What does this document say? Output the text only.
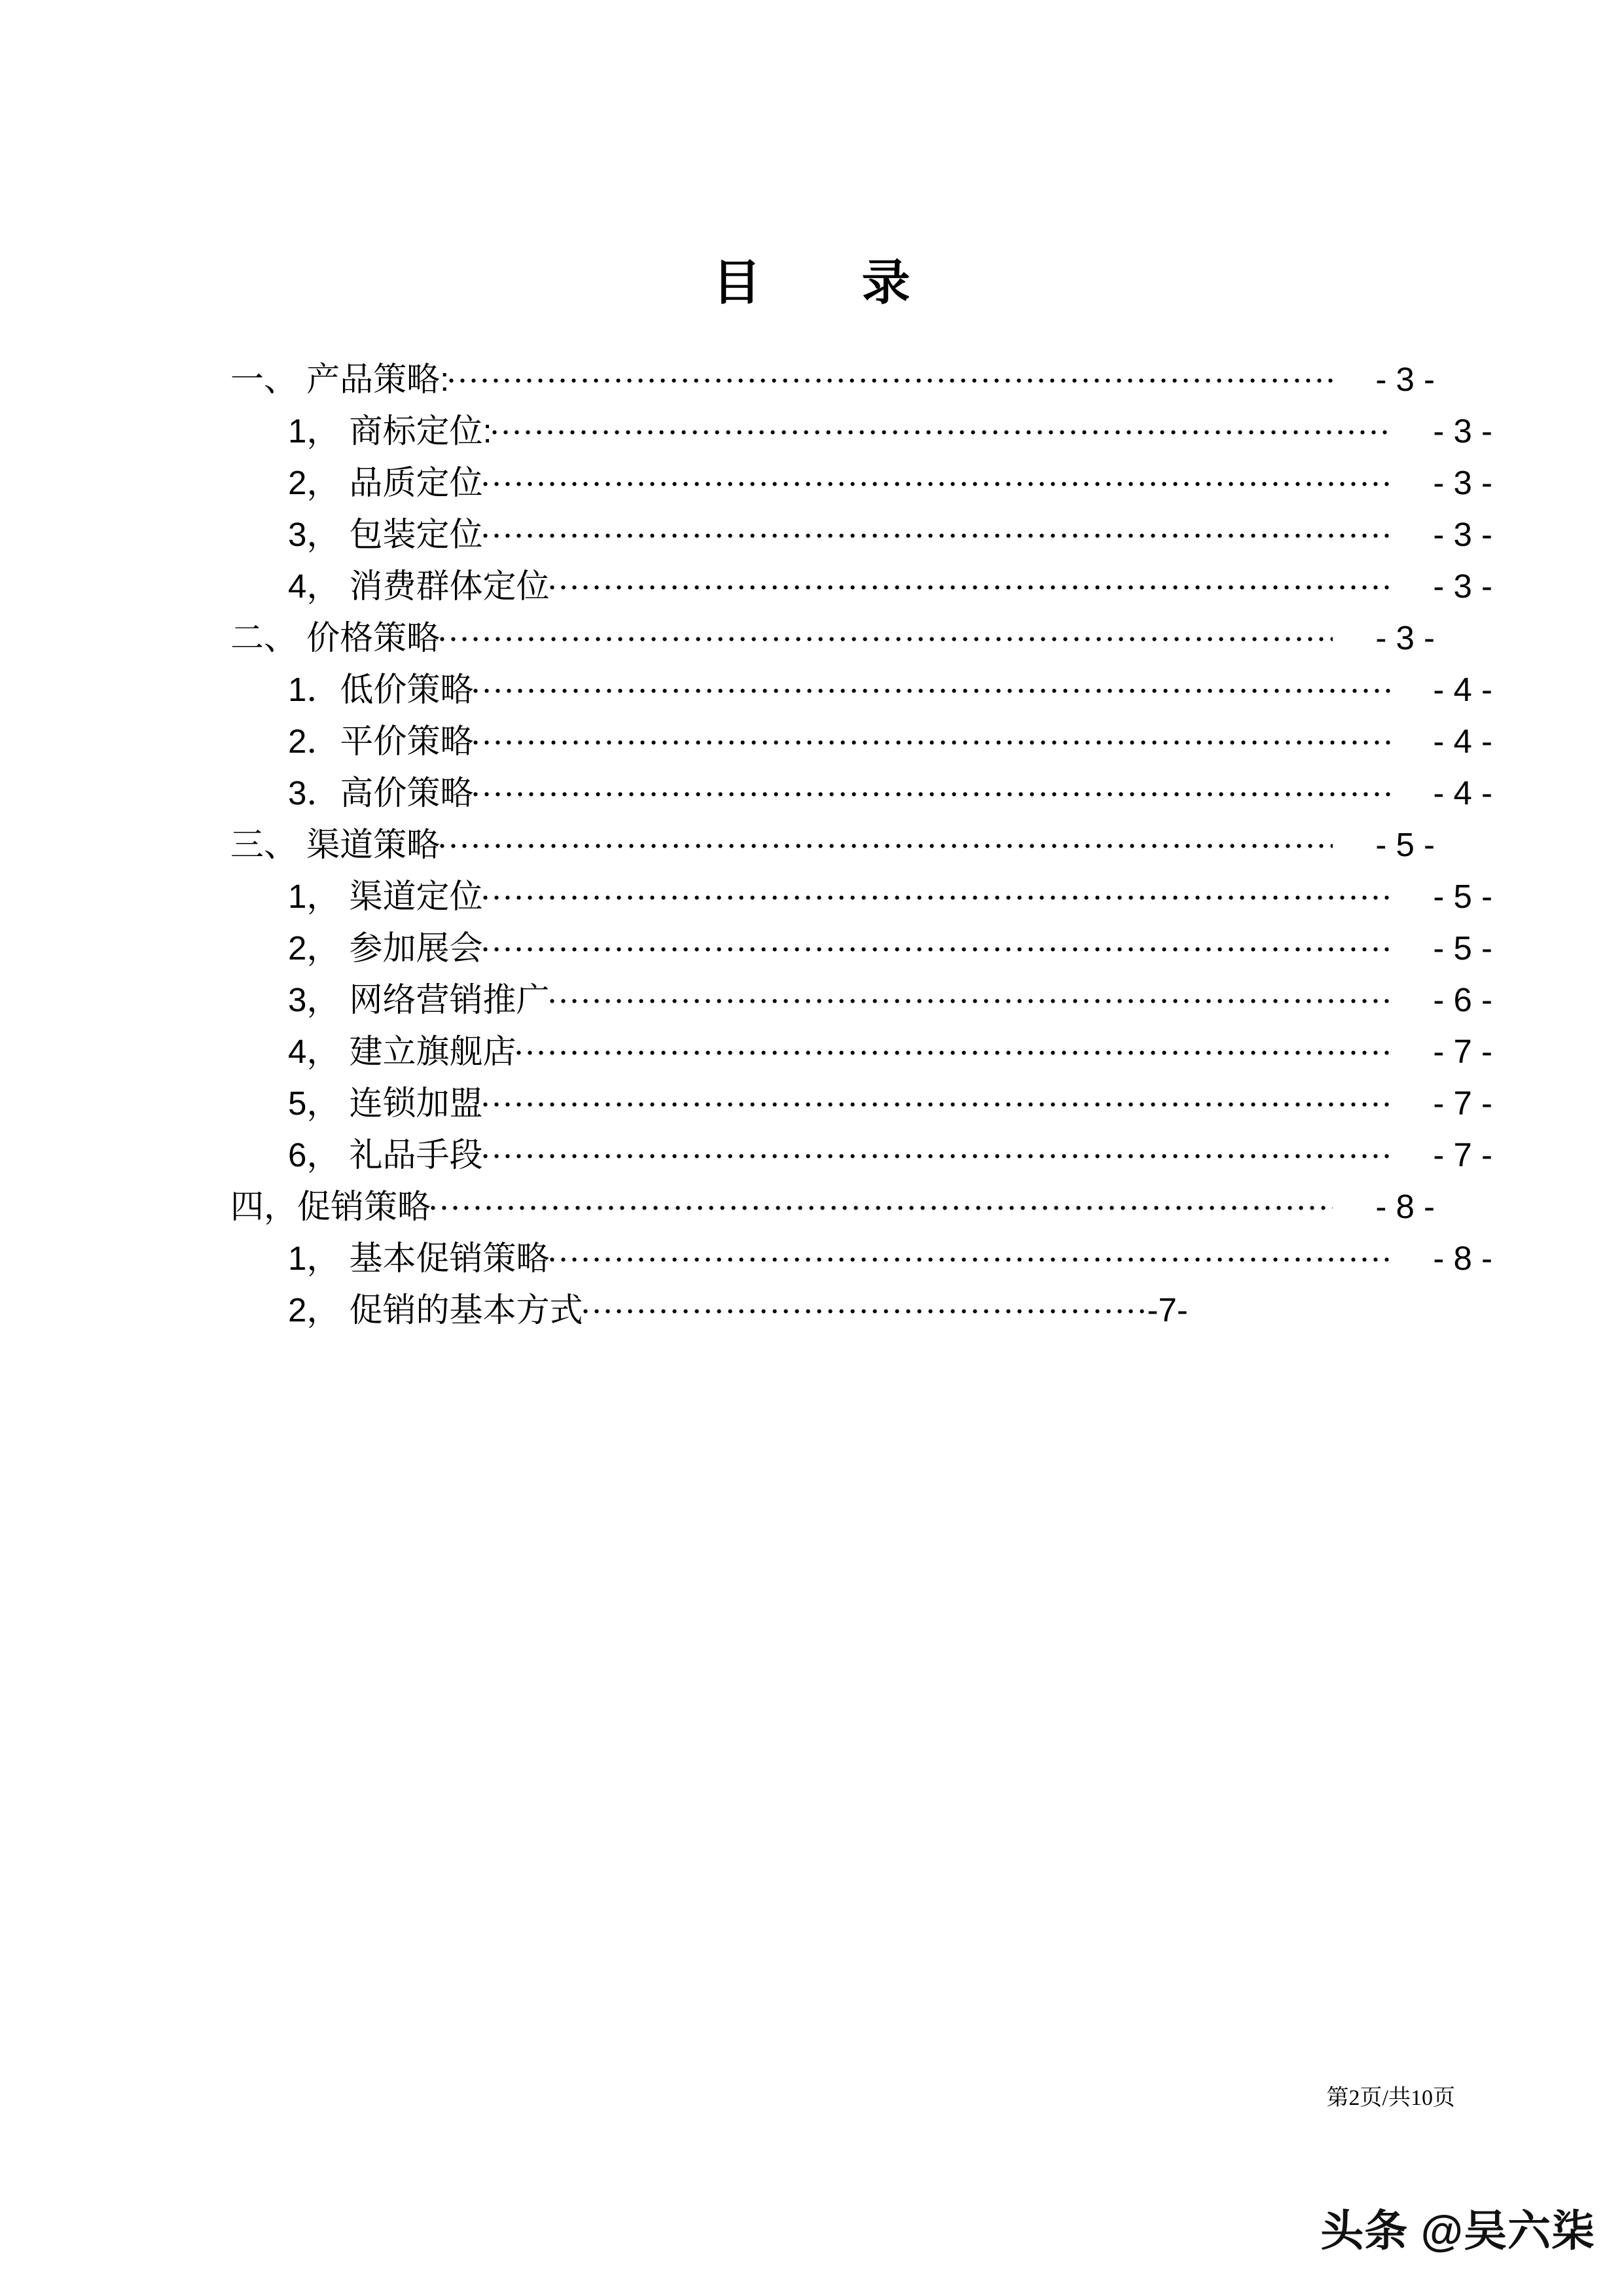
目　　录
一、 产品策略:	- 3 -
1， 商标定位:	- 3 -
2， 品质定位	- 3 -
3， 包装定位	- 3 -
4， 消费群体定位	- 3 -
二、 价格策略	- 3 -
1．低价策略	- 4 -
2．平价策略	- 4 -
3．高价策略	- 4 -
三、 渠道策略	- 5 -
1， 渠道定位	- 5 -
2， 参加展会	- 5 -
3， 网络营销推广	- 6 -
4， 建立旗舰店	- 7 -
5， 连锁加盟	- 7 -
6， 礼品手段	- 7 -
四，促销策略	- 8 -
1， 基本促销策略	- 8 -
2， 促销的基本方式	-7-
第2页/共10页
头条 @吴六柒
